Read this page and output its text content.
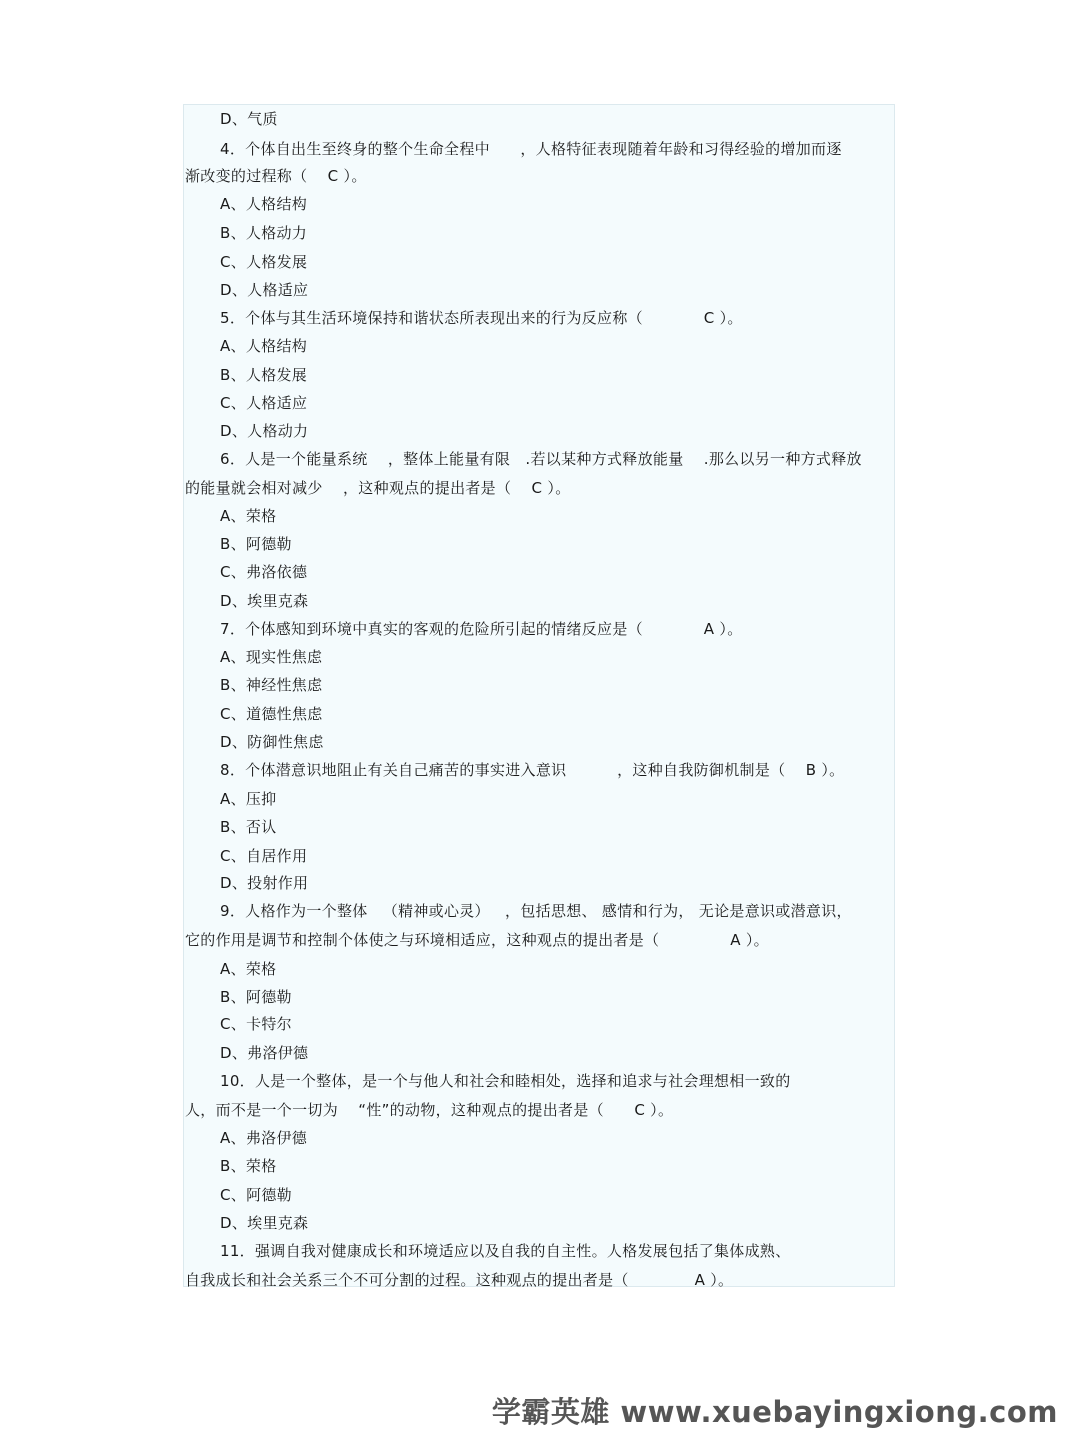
D、气质
4．个体自出生至终身的整个生命全程中      ，人格特征表现随着年龄和习得经验的增加而逐
渐改变的过程称（    C ）。
A、人格结构
B、人格动力
C、人格发展
D、人格适应
5．个体与其生活环境保持和谐状态所表现出来的行为反应称（            C ）。
A、人格结构
B、人格发展
C、人格适应
D、人格动力
6．人是一个能量系统    ，整体上能量有限   .若以某种方式释放能量    .那么以另一种方式释放
的能量就会相对减少    ，这种观点的提出者是（    C ）。
A、荣格
B、阿德勒
C、弗洛依德
D、埃里克森
7．个体感知到环境中真实的客观的危险所引起的情绪反应是（            A ）。
A、现实性焦虑
B、神经性焦虑
C、道德性焦虑
D、防御性焦虑
8．个体潜意识地阻止有关自己痛苦的事实进入意识          ，这种自我防御机制是（    B ）。
A、压抑
B、否认
C、自居作用
D、投射作用
9．人格作为一个整体   （精神或心灵）   ，包括思想、 感情和行为， 无论是意识或潜意识，
它的作用是调节和控制个体使之与环境相适应，这种观点的提出者是（              A ）。
A、荣格
B、阿德勒
C、卡特尔
D、弗洛伊德
10．人是一个整体，是一个与他人和社会和睦相处，选择和追求与社会理想相一致的
人，而不是一个一切为    “性”的动物，这种观点的提出者是（      C ）。
A、弗洛伊德
B、荣格
C、阿德勒
D、埃里克森
11．强调自我对健康成长和环境适应以及自我的自主性。人格发展包括了集体成熟、
自我成长和社会关系三个不可分割的过程。这种观点的提出者是（             A ）。
学霸英雄 www.xuebayingxiong.com
